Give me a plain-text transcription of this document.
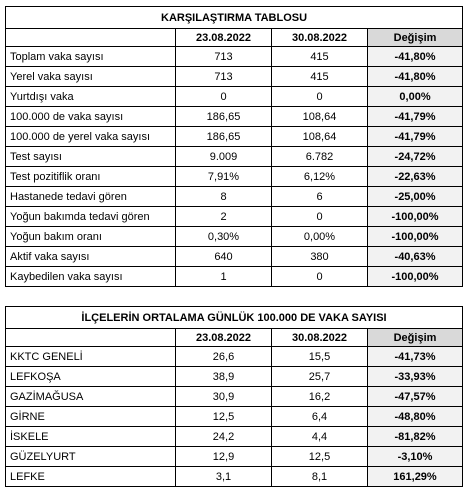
KARŞILAŞTIRMA TABLOSU			
	23.08.2022	30.08.2022	Değişim
Toplam vaka sayısı	713	415	-41,80%
Yerel vaka sayısı	713	415	-41,80%
Yurtdışı vaka	0	0	0,00%
100.000 de vaka sayısı	186,65	108,64	-41,79%
100.000 de yerel vaka sayısı	186,65	108,64	-41,79%
Test sayısı	9.009	6.782	-24,72%
Test pozitiflik oranı	7,91%	6,12%	-22,63%
Hastanede tedavi gören	8	6	-25,00%
Yoğun bakımda tedavi gören	2	0	-100,00%
Yoğun bakım oranı	0,30%	0,00%	-100,00%
Aktif vaka sayısı	640	380	-40,63%
Kaybedilen vaka sayısı	1	0	-100,00%
İLÇELERİN ORTALAMA GÜNLÜK 100.000 DE VAKA SAYISI			
	23.08.2022	30.08.2022	Değişim
KKTC GENELİ	26,6	15,5	-41,73%
LEFKOŞA	38,9	25,7	-33,93%
GAZİMAĞUSA	30,9	16,2	-47,57%
GİRNE	12,5	6,4	-48,80%
İSKELE	24,2	4,4	-81,82%
GÜZELYURT	12,9	12,5	-3,10%
LEFKE	3,1	8,1	161,29%
